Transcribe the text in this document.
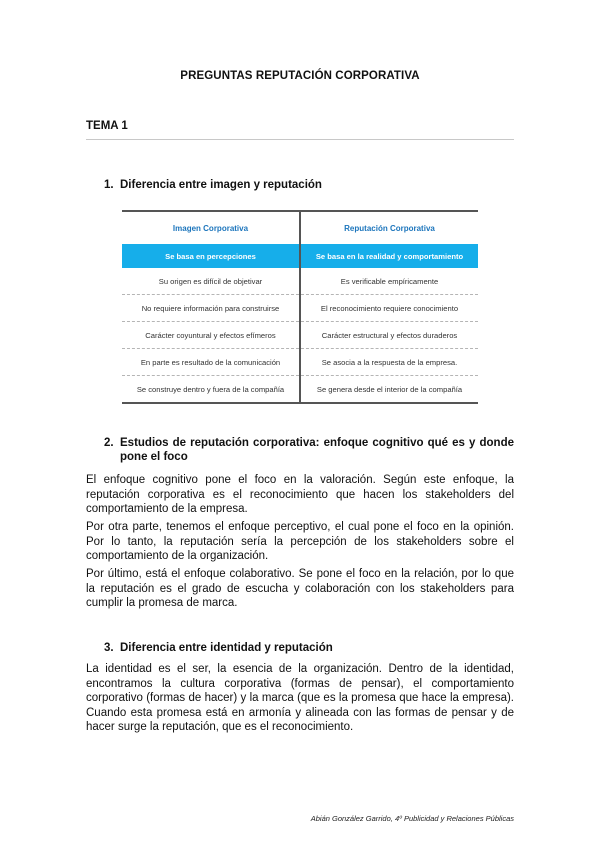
PREGUNTAS REPUTACIÓN CORPORATIVA
TEMA 1
1. Diferencia entre imagen y reputación
Imagen Corporativa	Reputación Corporativa
Se basa en percepciones	Se basa en la realidad y comportamiento
Su origen es difícil de objetivar	Es verificable empíricamente
No requiere información para construirse	El reconocimiento requiere conocimiento
Carácter coyuntural y efectos efímeros	Carácter estructural y efectos duraderos
En parte es resultado de la comunicación	Se asocia a la respuesta de la empresa.
Se construye dentro y fuera de la compañía	Se genera desde el interior de la compañía
2. Estudios de reputación corporativa: enfoque cognitivo qué es y donde pone el foco
El enfoque cognitivo pone el foco en la valoración. Según este enfoque, la reputación corporativa es el reconocimiento que hacen los stakeholders del comportamiento de la empresa.
Por otra parte, tenemos el enfoque perceptivo, el cual pone el foco en la opinión. Por lo tanto, la reputación sería la percepción de los stakeholders sobre el comportamiento de la organización.
Por último, está el enfoque colaborativo. Se pone el foco en la relación, por lo que la reputación es el grado de escucha y colaboración con los stakeholders para cumplir la promesa de marca.
3. Diferencia entre identidad y reputación
La identidad es el ser, la esencia de la organización. Dentro de la identidad, encontramos la cultura corporativa (formas de pensar), el comportamiento corporativo (formas de hacer) y la marca (que es la promesa que hace la empresa). Cuando esta promesa está en armonía y alineada con las formas de pensar y de hacer surge la reputación, que es el reconocimiento.
Abián González Garrido, 4º Publicidad y Relaciones Públicas
